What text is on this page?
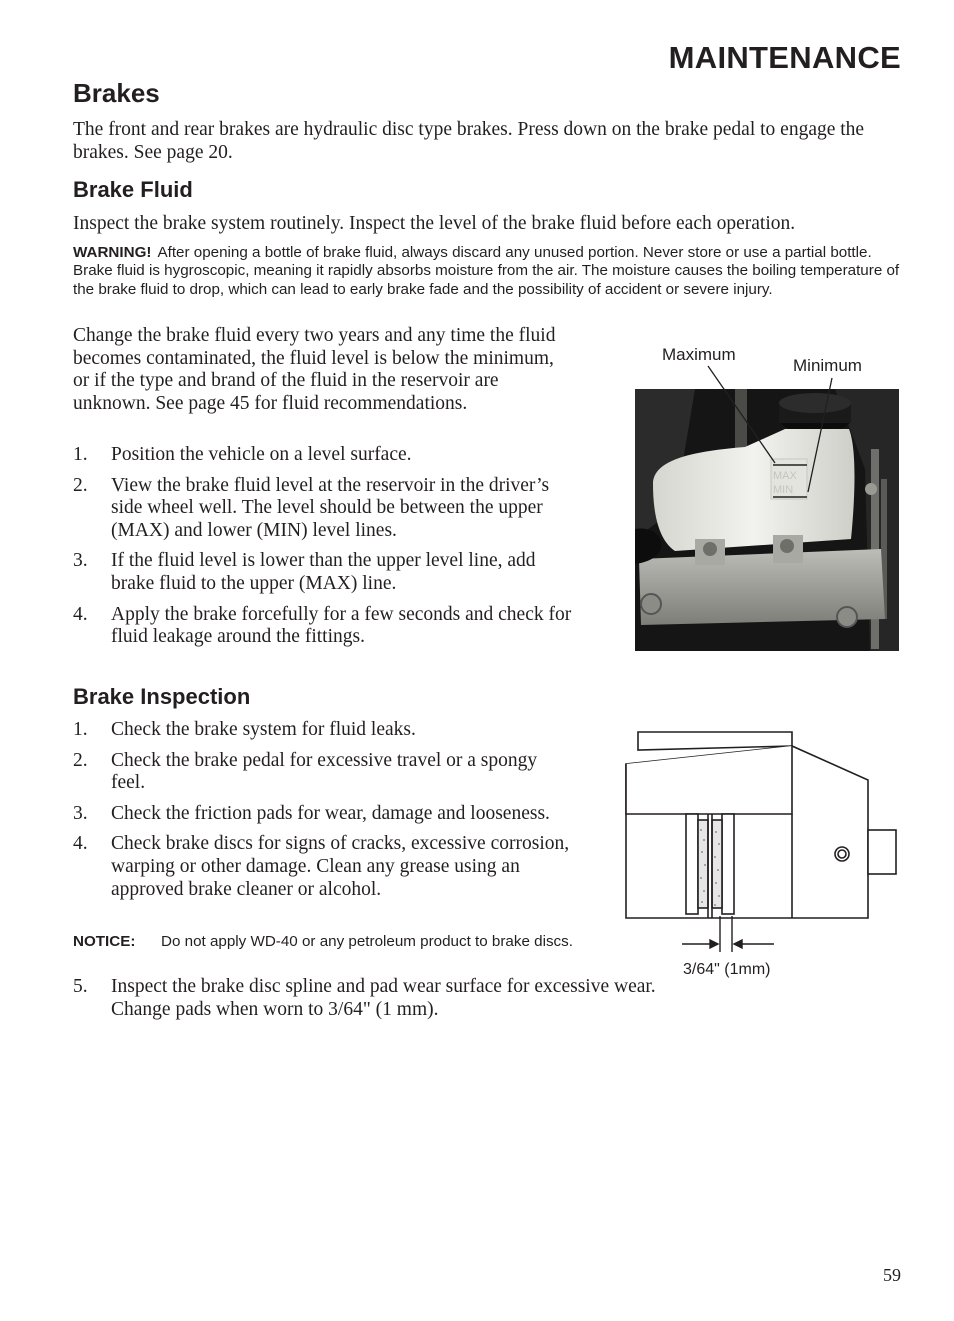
MAINTENANCE
Brakes
The front and rear brakes are hydraulic disc type brakes. Press down on the brake pedal to engage the brakes. See page 20.
Brake Fluid
Inspect the brake system routinely. Inspect the level of the brake fluid before each operation.
WARNING! After opening a bottle of brake fluid, always discard any unused portion. Never store or use a partial bottle. Brake fluid is hygroscopic, meaning it rapidly absorbs moisture from the air. The moisture causes the boiling temperature of the brake fluid to drop, which can lead to early brake fade and the possibility of accident or severe injury.
Change the brake fluid every two years and any time the fluid becomes contaminated, the fluid level is below the minimum, or if the type and brand of the fluid in the reservoir are unknown. See page 45 for fluid recommendations.
1. Position the vehicle on a level surface.
2. View the brake fluid level at the reservoir in the driver’s side wheel well. The level should be between the upper (MAX) and lower (MIN) level lines.
3. If the fluid level is lower than the upper level line, add brake fluid to the upper (MAX) line.
4. Apply the brake forcefully for a few seconds and check for fluid leakage around the fittings.
Brake Inspection
1. Check the brake system for fluid leaks.
2. Check the brake pedal for excessive travel or a spongy feel.
3. Check the friction pads for wear, damage and looseness.
4. Check brake discs for signs of cracks, excessive corrosion, warping or other damage. Clean any grease using an approved brake cleaner or alcohol.
NOTICE:	Do not apply WD-40 or any petroleum product to brake discs.
5. Inspect the brake disc spline and pad wear surface for excessive wear. Change pads when worn to 3/64" (1 mm).
MAX
MIN
Maximum
Minimum
3/64" (1mm)
59
